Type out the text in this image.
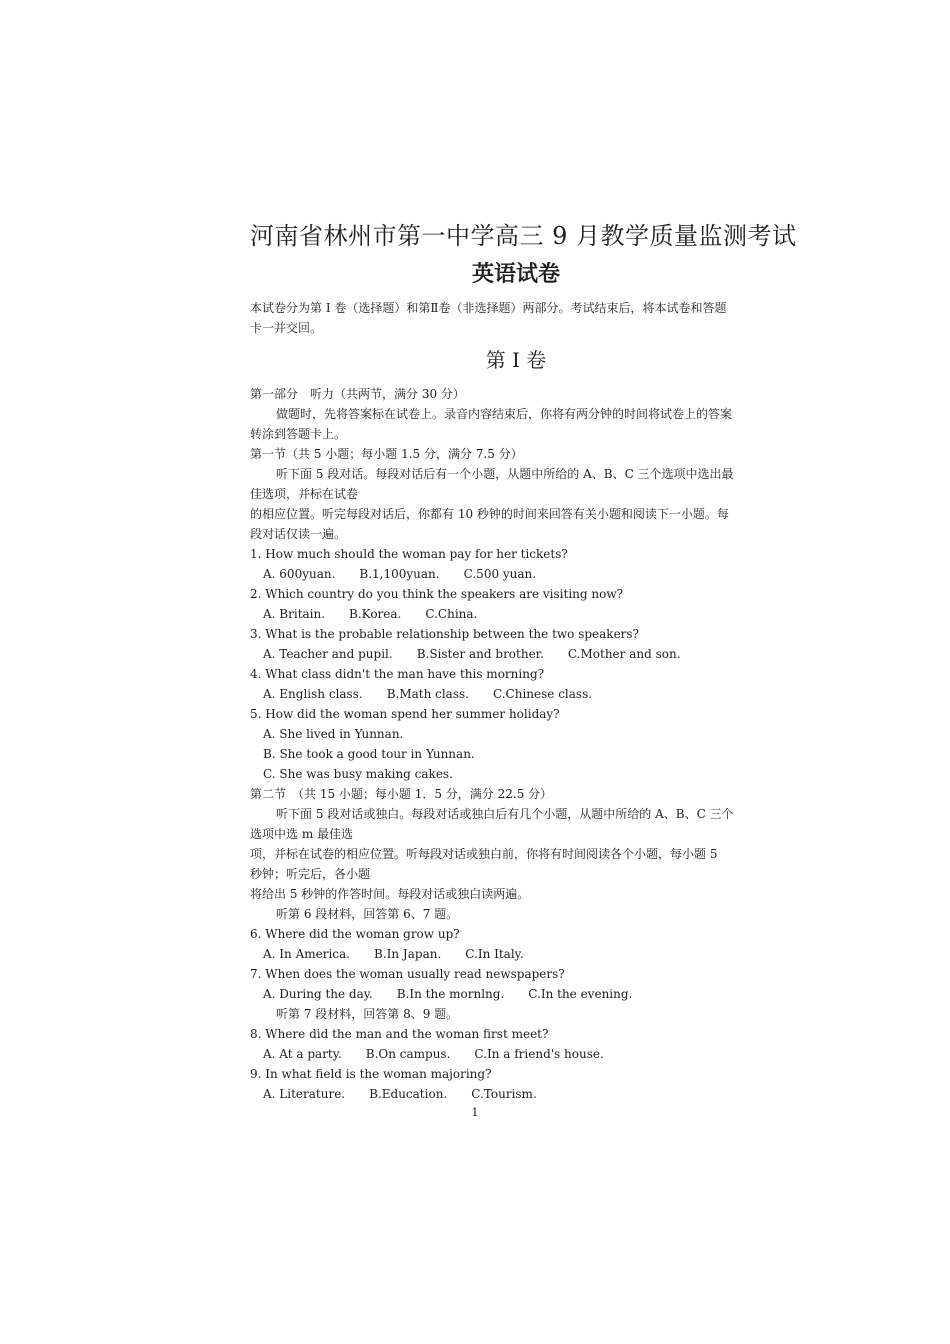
河南省林州市第一中学高三 9 月教学质量监测考试

英语试卷

本试卷分为第 I 卷（选择题）和第Ⅱ卷（非选择题）两部分。考试结束后，将本试卷和答题

卡一并交回。

第 I 卷

第一部分　听力（共两节，满分 30 分）

做题时，先将答案标在试卷上。录音内容结束后，你将有两分钟的时间将试卷上的答案

转涂到答题卡上。

第一节（共 5 小题；每小题 1.5 分，满分 7.5 分）

听下面 5 段对话。每段对话后有一个小题，从题中所给的 A、B、C 三个选项中选出最

佳选项，并标在试卷

的相应位置。听完每段对话后，你都有 10 秒钟的时间来回答有关小题和阅读下一小题。每

段对话仅读一遍。

1. How much should the woman pay for her tickets?

A. 600yuan. B.1,100yuan. C.500 yuan.

2. Which country do you think the speakers are visiting now?

A. Britain. B.Korea. C.China.

3. What is the probable relationship between the two speakers?

A. Teacher and pupil. B.Sister and brother. C.Mother and son.

4. What class didn't the man have this morning?

A. English class. B.Math class. C.Chinese class.

5. How did the woman spend her summer holiday?

A. She lived in Yunnan.

B. She took a good tour in Yunnan.

C. She was busy making cakes.

第二节　（共 15 小题；每小题 1．5 分，满分 22.5 分）

听下面 5 段对话或独白。每段对话或独白后有几个小题，从题中所给的 A、B、C 三个

选项中选 m 最佳选

项，并标在试卷的相应位置。听每段对话或独白前，你将有时间阅读各个小题，每小题 5

秒钟；听完后，各小题

将给出 5 秒钟的作答时间。每段对话或独白读两遍。

听第 6 段材料，回答第 6、7 题。

6. Where did the woman grow up?

A. In America. B.In Japan. C.In Italy.

7. When does the woman usually read newspapers?

A. During the day. B.In the mornlng. C.In the evening.

听第 7 段材料，回答第 8、9 题。

8. Where did the man and the woman first meet?

A. At a party. B.On campus. C.In a friend's house.

9. In what field is the woman majoring?

A. Literature. B.Education. C.Tourism.

1
